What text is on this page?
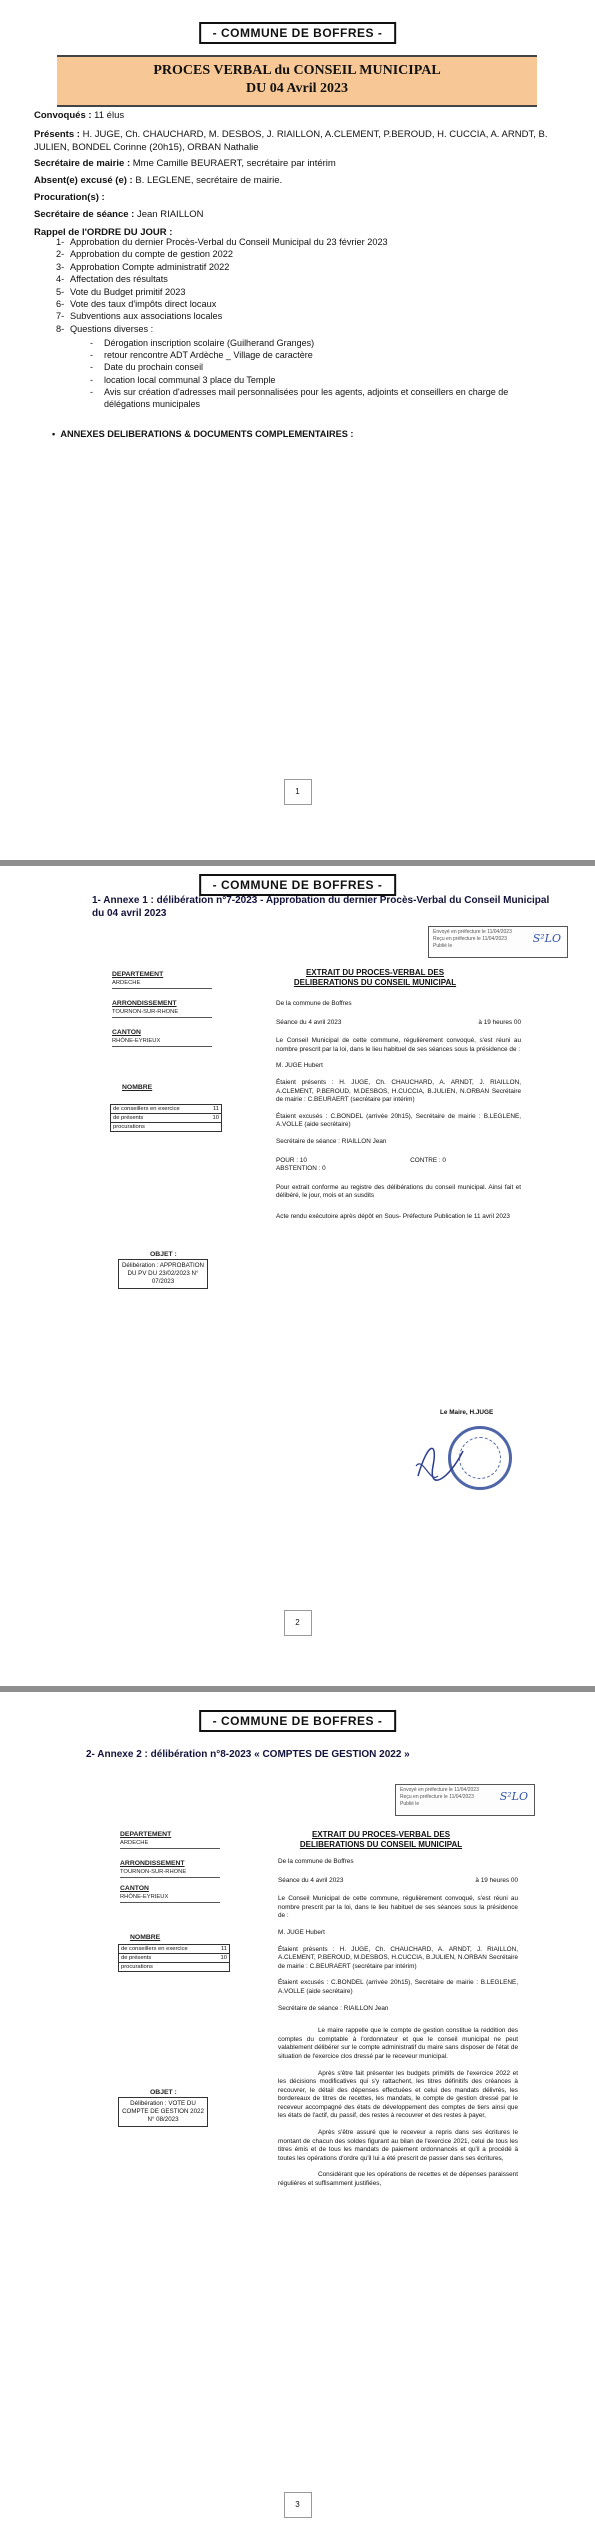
- COMMUNE DE BOFFRES -
PROCES VERBAL du CONSEIL MUNICIPAL
DU 04 Avril 2023
Convoqués : 11 élus
Présents : H. JUGE, Ch. CHAUCHARD, M. DESBOS, J. RIAILLON, A.CLEMENT, P.BEROUD, H. CUCCIA, A. ARNDT, B. JULIEN, BONDEL Corinne (20h15), ORBAN Nathalie
Secrétaire de mairie : Mme Camille BEURAERT, secrétaire par intérim
Absent(e) excusé (e) : B. LEGLENE, secrétaire de mairie.
Procuration(s) :
Secrétaire de séance : Jean RIAILLON
Rappel de l'ORDRE DU JOUR :
1- Approbation du dernier Procès-Verbal du Conseil Municipal du 23 février 2023
2- Approbation du compte de gestion 2022
3- Approbation Compte administratif 2022
4- Affectation des résultats
5- Vote du Budget primitif 2023
6- Vote des taux d'impôts direct locaux
7- Subventions aux associations locales
8- Questions diverses :
-	Dérogation inscription scolaire (Guilherand Granges)
-	retour rencontre ADT Ardèche _ Village de caractère
-	Date du prochain conseil
-	location local communal 3 place du Temple
-	Avis sur création d'adresses mail personnalisées pour les agents, adjoints et conseillers en charge de délégations municipales
•  ANNEXES DELIBERATIONS & DOCUMENTS COMPLEMENTAIRES :
1
- COMMUNE DE BOFFRES -
1- Annexe 1 : délibération n°7-2023 - Approbation du dernier Procès-Verbal du Conseil Municipal du 04 avril 2023
Envoyé en préfecture le 11/04/2023
Reçu en préfecture le 11/04/2023
Publié le
S²LO
DEPARTEMENT
ARDECHE
ARRONDISSEMENT
TOURNON-SUR-RHONE
CANTON
RHÔNE-EYRIEUX
NOMBRE
de conseillers en exercice	11
de présents	10
procurations
OBJET :
Délibération : APPROBATION DU PV DU 23/02/2023 N° 07/2023
EXTRAIT DU PROCES-VERBAL DES
DELIBERATIONS DU CONSEIL MUNICIPAL
De la commune de Boffres
Séance du 4 avril 2023	à 19 heures 00
Le Conseil Municipal de cette commune, régulièrement convoqué, s'est réuni au nombre prescrit par la loi, dans le lieu habituel de ses séances sous la présidence de :
M. JUGE Hubert
Étaient présents : H. JUGE, Ch. CHAUCHARD, A. ARNDT, J. RIAILLON, A.CLEMENT, P.BEROUD, M.DESBOS, H.CUCCIA, B.JULIEN, N.ORBAN Secrétaire de mairie : C.BEURAERT (secrétaire par intérim)
Étaient excusés : C.BONDEL (arrivée 20h15), Secrétaire de mairie : B.LEGLENE, A.VOLLE (aide secrétaire)
Secrétaire de séance : RIAILLON Jean
POUR : 10	CONTRE : 0
ABSTENTION : 0
Pour extrait conforme au registre des délibérations du conseil municipal. Ainsi fait et délibéré, le jour, mois et an susdits
Acte rendu exécutoire après dépôt en Sous- Préfecture Publication le 11 avril 2023
Le Maire, H.JUGE
2
- COMMUNE DE BOFFRES -
2- Annexe 2 : délibération n°8-2023 « COMPTES DE GESTION 2022 »
Envoyé en préfecture le 11/04/2023
Reçu en préfecture le 11/04/2023
Publié le
S²LO
DEPARTEMENT
ARDECHE
ARRONDISSEMENT
TOURNON-SUR-RHONE
CANTON
RHÔNE-EYRIEUX
NOMBRE
de conseillers en exercice	11
de présents	10
procurations
OBJET :
Délibération : VOTE DU COMPTE DE GESTION 2022 N° 08/2023
EXTRAIT DU PROCES-VERBAL DES
DELIBERATIONS DU CONSEIL MUNICIPAL
De la commune de Boffres
Séance du 4 avril 2023	à 19 heures 00
Le Conseil Municipal de cette commune, régulièrement convoqué, s'est réuni au nombre prescrit par la loi, dans le lieu habituel de ses séances sous la présidence de :
M. JUGE Hubert
Étaient présents : H. JUGE, Ch. CHAUCHARD, A. ARNDT, J. RIAILLON, A.CLEMENT, P.BEROUD, M.DESBOS, H.CUCCIA, B.JULIEN, N.ORBAN Secrétaire de mairie : C.BEURAERT (secrétaire par intérim)
Étaient excusés : C.BONDEL (arrivée 20h15), Secrétaire de mairie : B.LEGLENE, A.VOLLE (aide secrétaire)
Secrétaire de séance : RIAILLON Jean
Le maire rappelle que le compte de gestion constitue la reddition des comptes du comptable à l'ordonnateur et que le conseil municipal ne peut valablement délibérer sur le compte administratif du maire sans disposer de l'état de situation de l'exercice clos dressé par le receveur municipal.
Après s'être fait présenter les budgets primitifs de l'exercice 2022 et les décisions modificatives qui s'y rattachent, les titres définitifs des créances à recouvrer, le détail des dépenses effectuées et celui des mandats délivrés, les bordereaux de titres de recettes, les mandats, le compte de gestion dressé par le receveur accompagné des états de développement des comptes de tiers ainsi que les états de l'actif, du passif, des restes à recouvrer et des restes à payer,
Après s'être assuré que le receveur a repris dans ses écritures le montant de chacun des soldes figurant au bilan de l'exercice 2021, celui de tous les titres émis et de tous les mandats de paiement ordonnancés et qu'il a procédé à toutes les opérations d'ordre qu'il lui a été prescrit de passer dans ses écritures,
Considérant que les opérations de recettes et de dépenses paraissent régulières et suffisamment justifiées,
3
